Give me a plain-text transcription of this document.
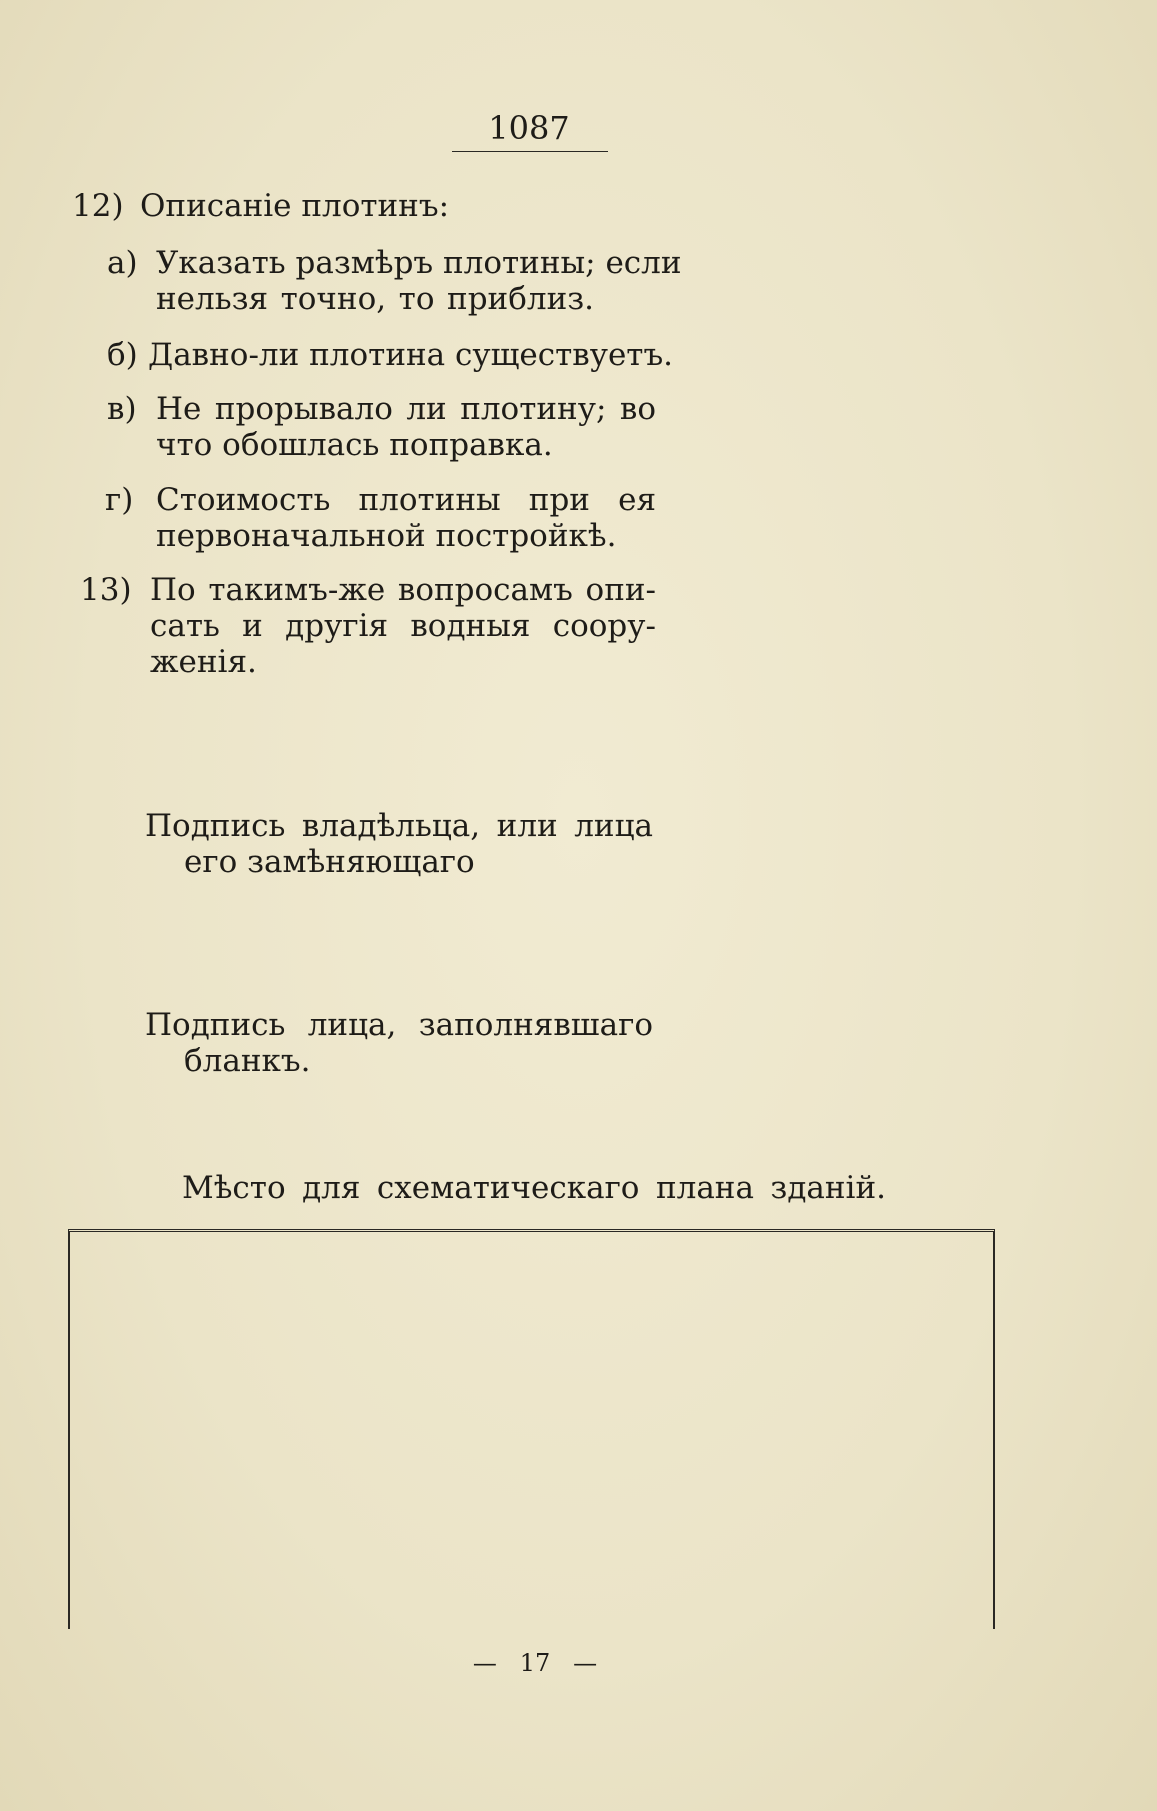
1087
12) Описаніе плотинъ:
а) Указать размѣръ плотины; если
нельзя точно, то приблиз.
б) Давно-ли плотина существуетъ.
в) Не прорывало ли плотину; во
что обошлась поправка.
г) Стоимость плотины при ея
первоначальной постройкѣ.
13) По такимъ-же вопросамъ опи-
сать и другія водныя соору-
женія.
Подпись владѣльца, или лица
его замѣняющаго
Подпись лица, заполнявшаго
бланкъ.
Мѣсто для схематическаго плана зданій.
—   17   —
